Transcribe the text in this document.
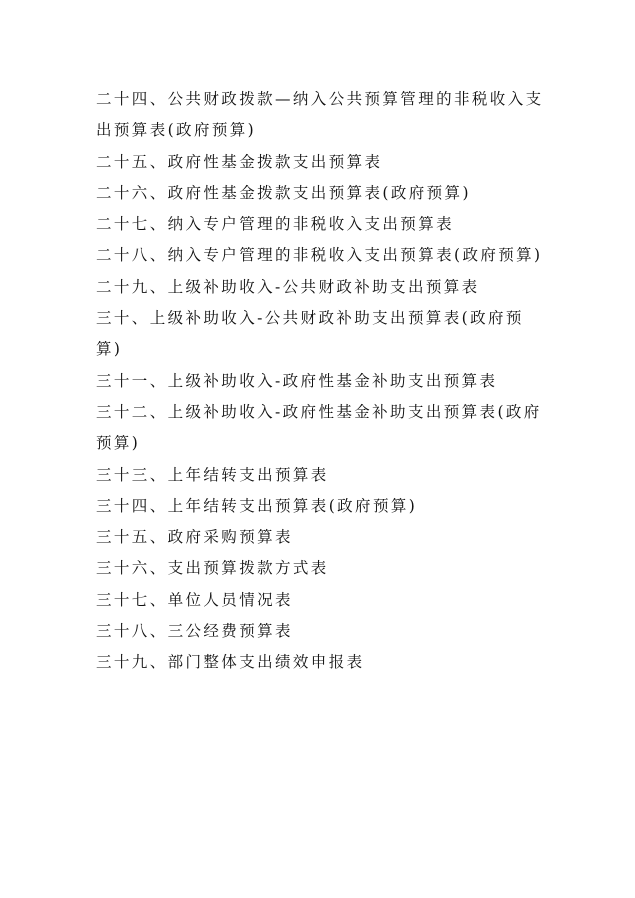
二十四、公共财政拨款—纳入公共预算管理的非税收入支出预算表(政府预算)
二十五、政府性基金拨款支出预算表
二十六、政府性基金拨款支出预算表(政府预算)
二十七、纳入专户管理的非税收入支出预算表
二十八、纳入专户管理的非税收入支出预算表(政府预算)
二十九、上级补助收入-公共财政补助支出预算表
三十、上级补助收入-公共财政补助支出预算表(政府预算)
三十一、上级补助收入-政府性基金补助支出预算表
三十二、上级补助收入-政府性基金补助支出预算表(政府预算)
三十三、上年结转支出预算表
三十四、上年结转支出预算表(政府预算)
三十五、政府采购预算表
三十六、支出预算拨款方式表
三十七、单位人员情况表
三十八、三公经费预算表
三十九、部门整体支出绩效申报表
